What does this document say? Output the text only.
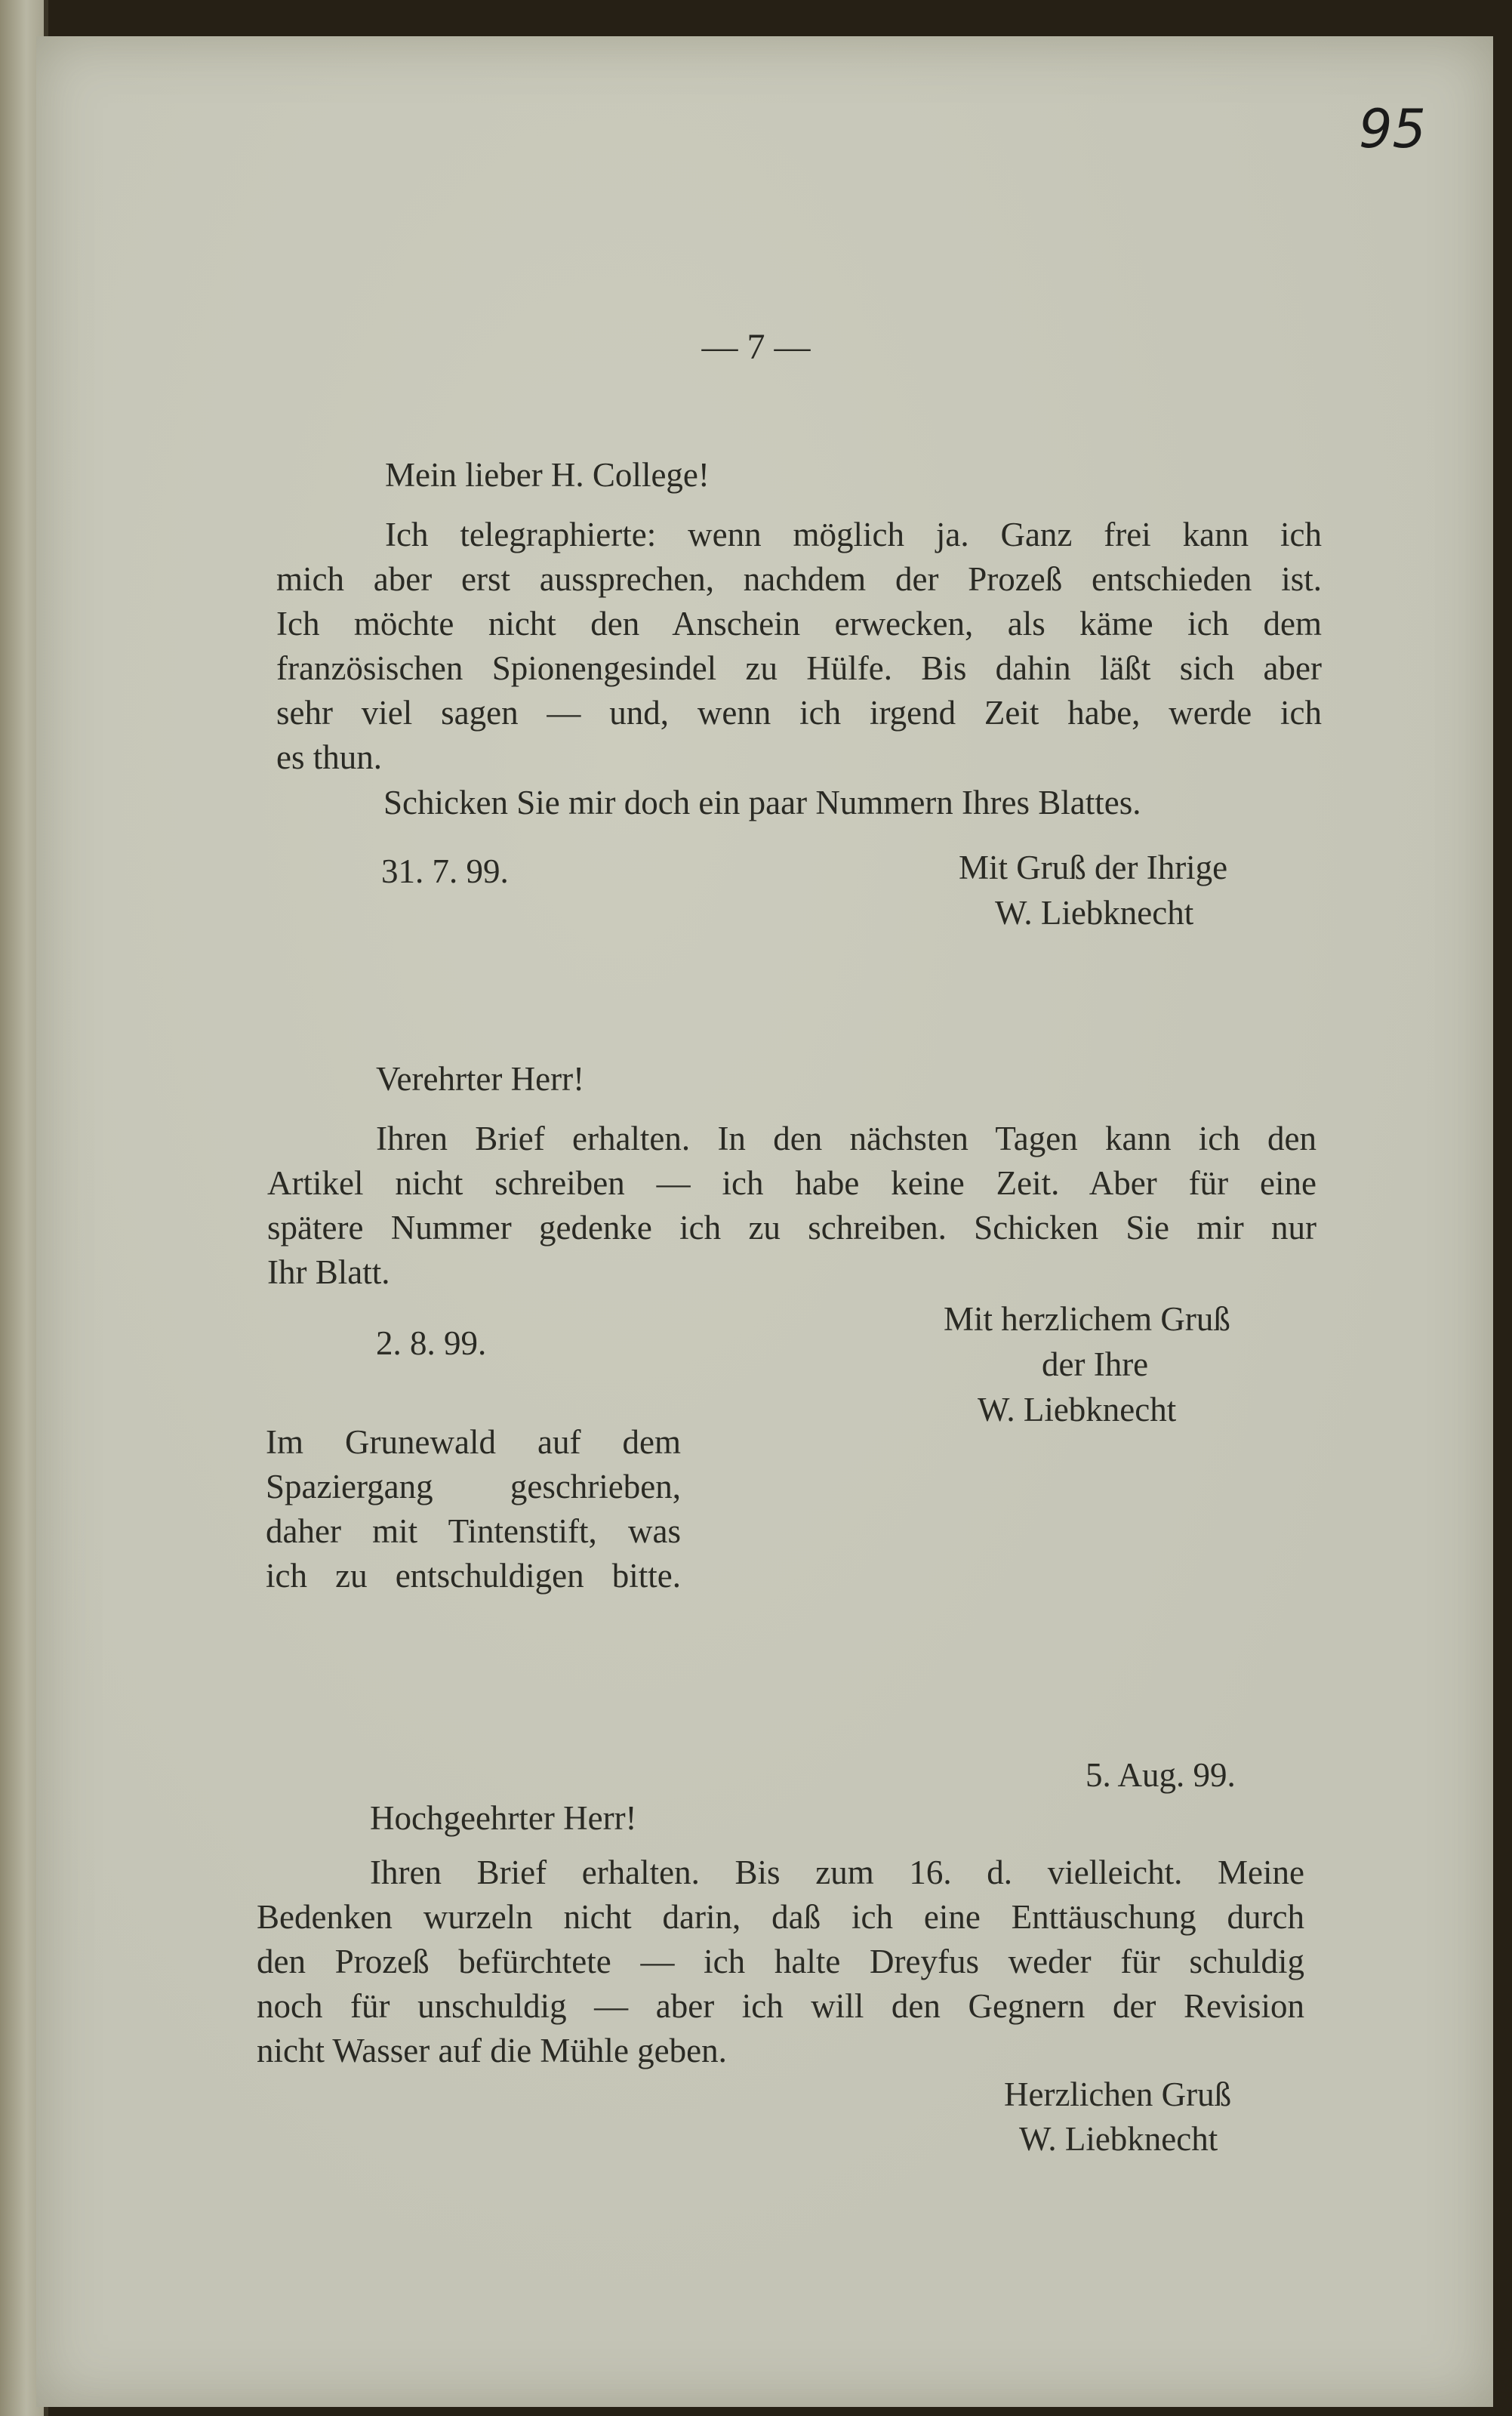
95

— 7 —

Mein lieber H. College!

Ich telegraphierte: wenn möglich ja. Ganz frei kann ich
mich aber erst aussprechen, nachdem der Prozeß entschieden ist.
Ich möchte nicht den Anschein erwecken, als käme ich dem
französischen Spionengesindel zu Hülfe. Bis dahin läßt sich aber
sehr viel sagen — und, wenn ich irgend Zeit habe, werde ich
es thun.

Schicken Sie mir doch ein paar Nummern Ihres Blattes.

31. 7. 99.	Mit Gruß der Ihrige

W. Liebknecht

Verehrter Herr!

Ihren Brief erhalten. In den nächsten Tagen kann ich den
Artikel nicht schreiben — ich habe keine Zeit. Aber für eine
spätere Nummer gedenke ich zu schreiben. Schicken Sie mir nur
Ihr Blatt.

2. 8. 99.

Mit herzlichem Gruß

der Ihre

W. Liebknecht

Im Grunewald auf dem
Spaziergang geschrieben,
daher mit Tintenstift, was
ich zu entschuldigen bitte.

5. Aug. 99.

Hochgeehrter Herr!

Ihren Brief erhalten. Bis zum 16. d. vielleicht. Meine
Bedenken wurzeln nicht darin, daß ich eine Enttäuschung durch
den Prozeß befürchtete — ich halte Dreyfus weder für schuldig
noch für unschuldig — aber ich will den Gegnern der Revision
nicht Wasser auf die Mühle geben.

Herzlichen Gruß

W. Liebknecht
